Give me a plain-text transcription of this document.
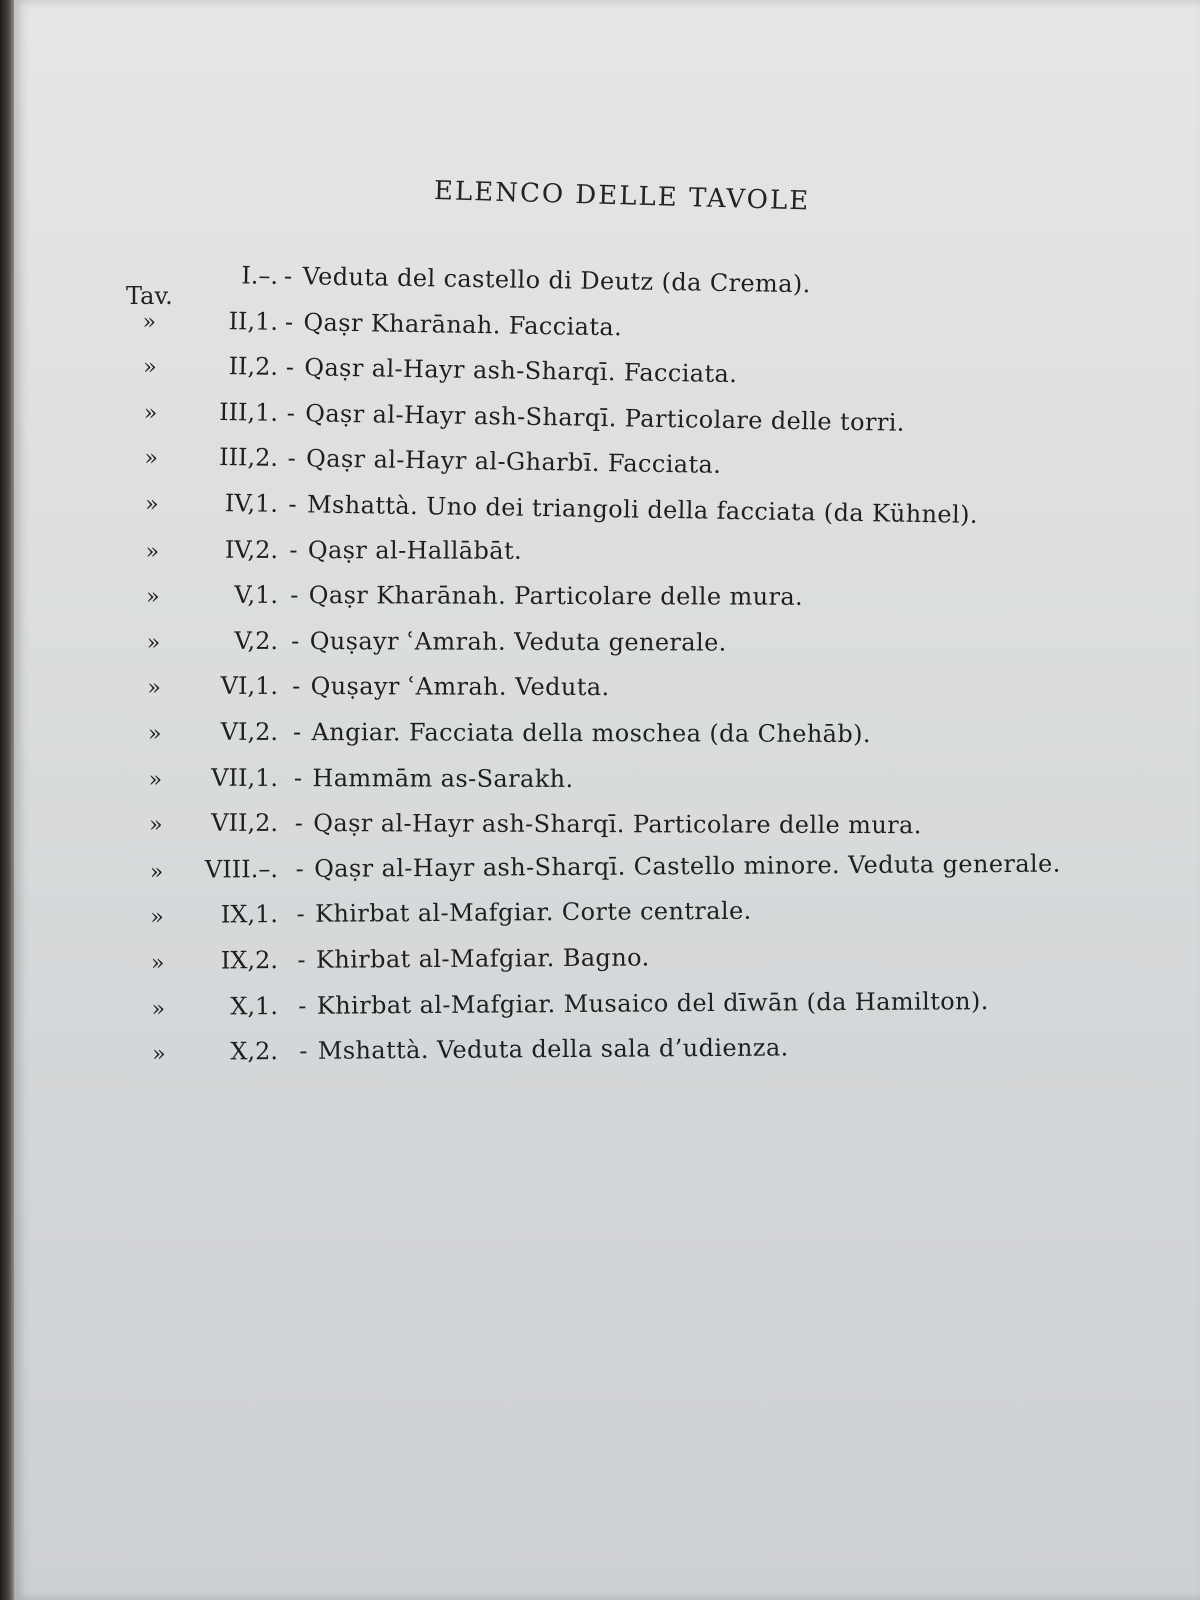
ELENCO DELLE TAVOLE
Tav.
I.–. - Veduta del castello di Deutz (da Crema).
»	II,1. - Qaṣr Kharānah. Facciata.
»	II,2. - Qaṣr al-Hayr ash-Sharqī. Facciata.
»	III,1. - Qaṣr al-Hayr ash-Sharqī. Particolare delle torri.
»	III,2. - Qaṣr al-Hayr al-Gharbī. Facciata.
»	IV,1. - Mshattà. Uno dei triangoli della facciata (da Kühnel).
»	IV,2. - Qaṣr al-Hallābāt.
»	V,1. - Qaṣr Kharānah. Particolare delle mura.
»	V,2. - Quṣayr ʿAmrah. Veduta generale.
»	VI,1. - Quṣayr ʿAmrah. Veduta.
»	VI,2. - Angiar. Facciata della moschea (da Chehāb).
»	VII,1. - Hammām as-Sarakh.
»	VII,2. - Qaṣr al-Hayr ash-Sharqī. Particolare delle mura.
»	VIII.–. - Qaṣr al-Hayr ash-Sharqī. Castello minore. Veduta generale.
»	IX,1. - Khirbat al-Mafgiar. Corte centrale.
»	IX,2. - Khirbat al-Mafgiar. Bagno.
»	X,1. - Khirbat al-Mafgiar. Musaico del dīwān (da Hamilton).
»	X,2. - Mshattà. Veduta della sala d’udienza.
